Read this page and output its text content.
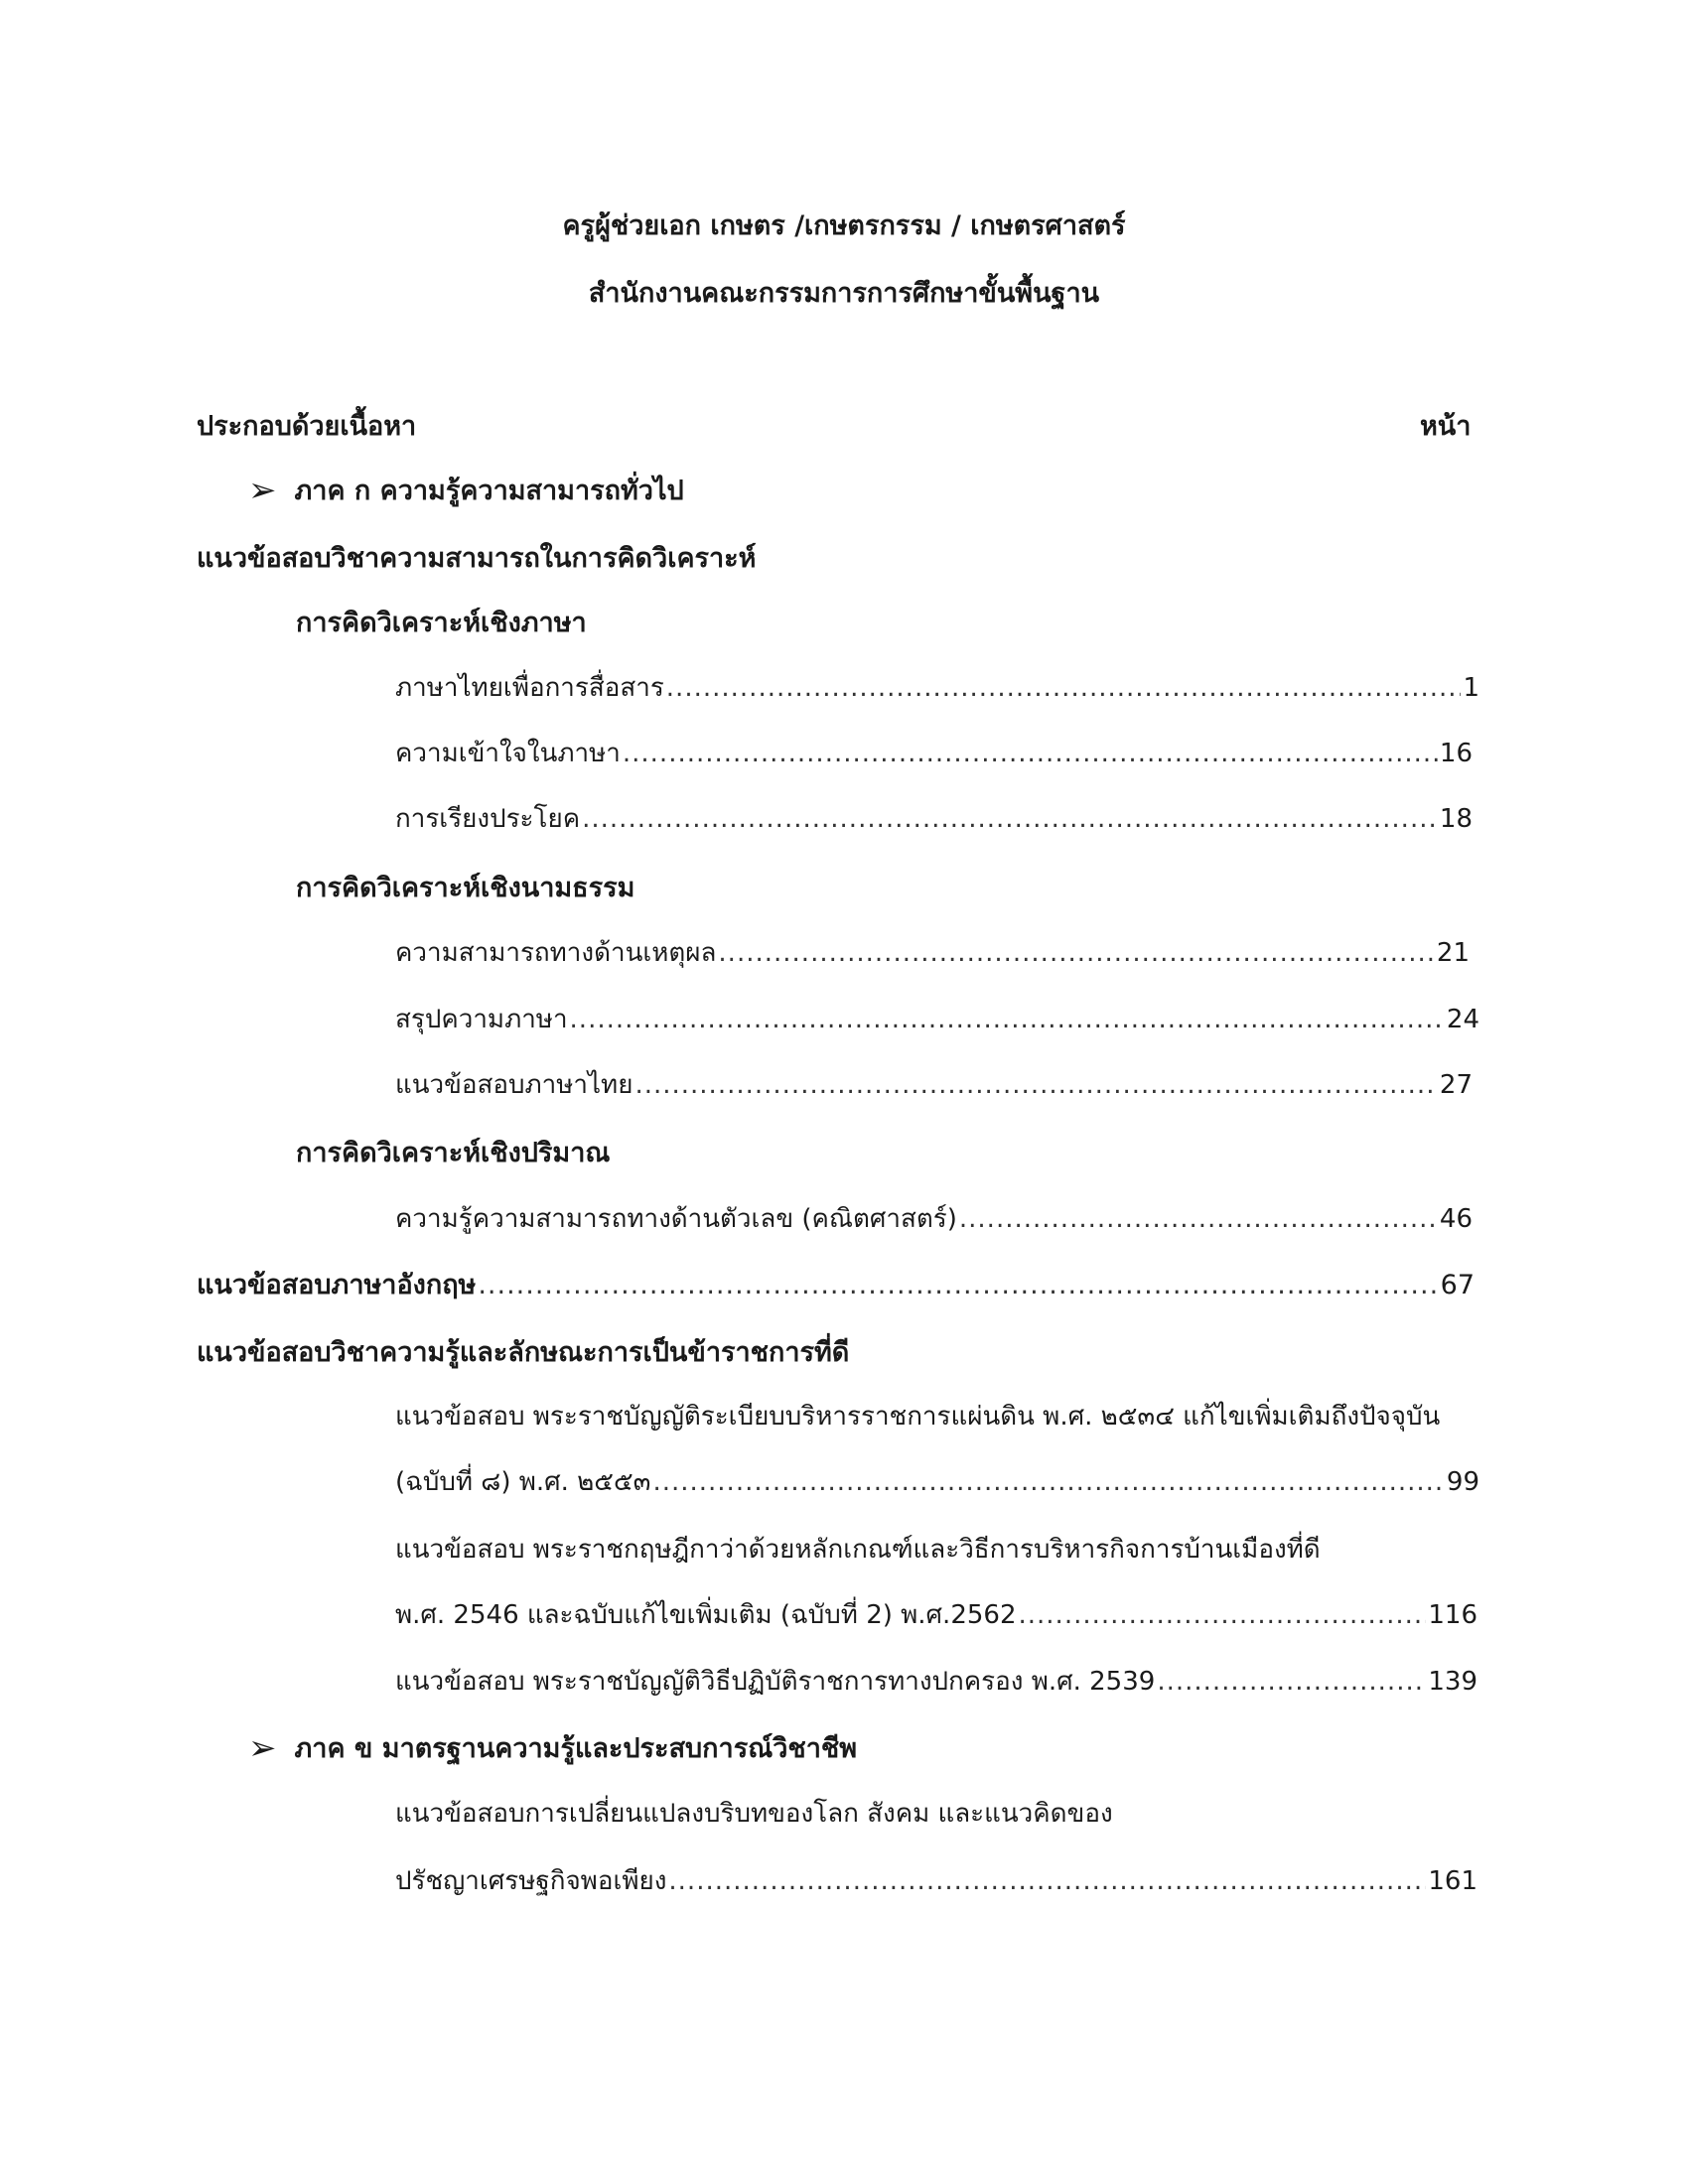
ครูผู้ช่วยเอก เกษตร /เกษตรกรรม / เกษตรศาสตร์
สำนักงานคณะกรรมการการศึกษาขั้นพื้นฐาน
ประกอบด้วยเนื้อหา	หน้า
➢ ภาค ก ความรู้ความสามารถทั่วไป
แนวข้อสอบวิชาความสามารถในการคิดวิเคราะห์
การคิดวิเคราะห์เชิงภาษา
ภาษาไทยเพื่อการสื่อสาร .....	1
ความเข้าใจในภาษา .....	16
การเรียงประโยค .....	18
การคิดวิเคราะห์เชิงนามธรรม
ความสามารถทางด้านเหตุผล .....	21
สรุปความภาษา .....	24
แนวข้อสอบภาษาไทย .....	27
การคิดวิเคราะห์เชิงปริมาณ
ความรู้ความสามารถทางด้านตัวเลข (คณิตศาสตร์) .....	46
แนวข้อสอบภาษาอังกฤษ .....	67
แนวข้อสอบวิชาความรู้และลักษณะการเป็นข้าราชการที่ดี
แนวข้อสอบ พระราชบัญญัติระเบียบบริหารราชการแผ่นดิน พ.ศ. ๒๕๓๔ แก้ไขเพิ่มเติมถึงปัจจุบัน
(ฉบับที่ ๘) พ.ศ. ๒๕๕๓ .....	99
แนวข้อสอบ พระราชกฤษฎีกาว่าด้วยหลักเกณฑ์และวิธีการบริหารกิจการบ้านเมืองที่ดี
พ.ศ. 2546 และฉบับแก้ไขเพิ่มเติม (ฉบับที่ 2) พ.ศ.2562 .....	116
แนวข้อสอบ พระราชบัญญัติวิธีปฏิบัติราชการทางปกครอง พ.ศ. 2539 .....	139
➢ ภาค ข มาตรฐานความรู้และประสบการณ์วิชาชีพ
แนวข้อสอบการเปลี่ยนแปลงบริบทของโลก สังคม และแนวคิดของ
ปรัชญาเศรษฐกิจพอเพียง .....	161
